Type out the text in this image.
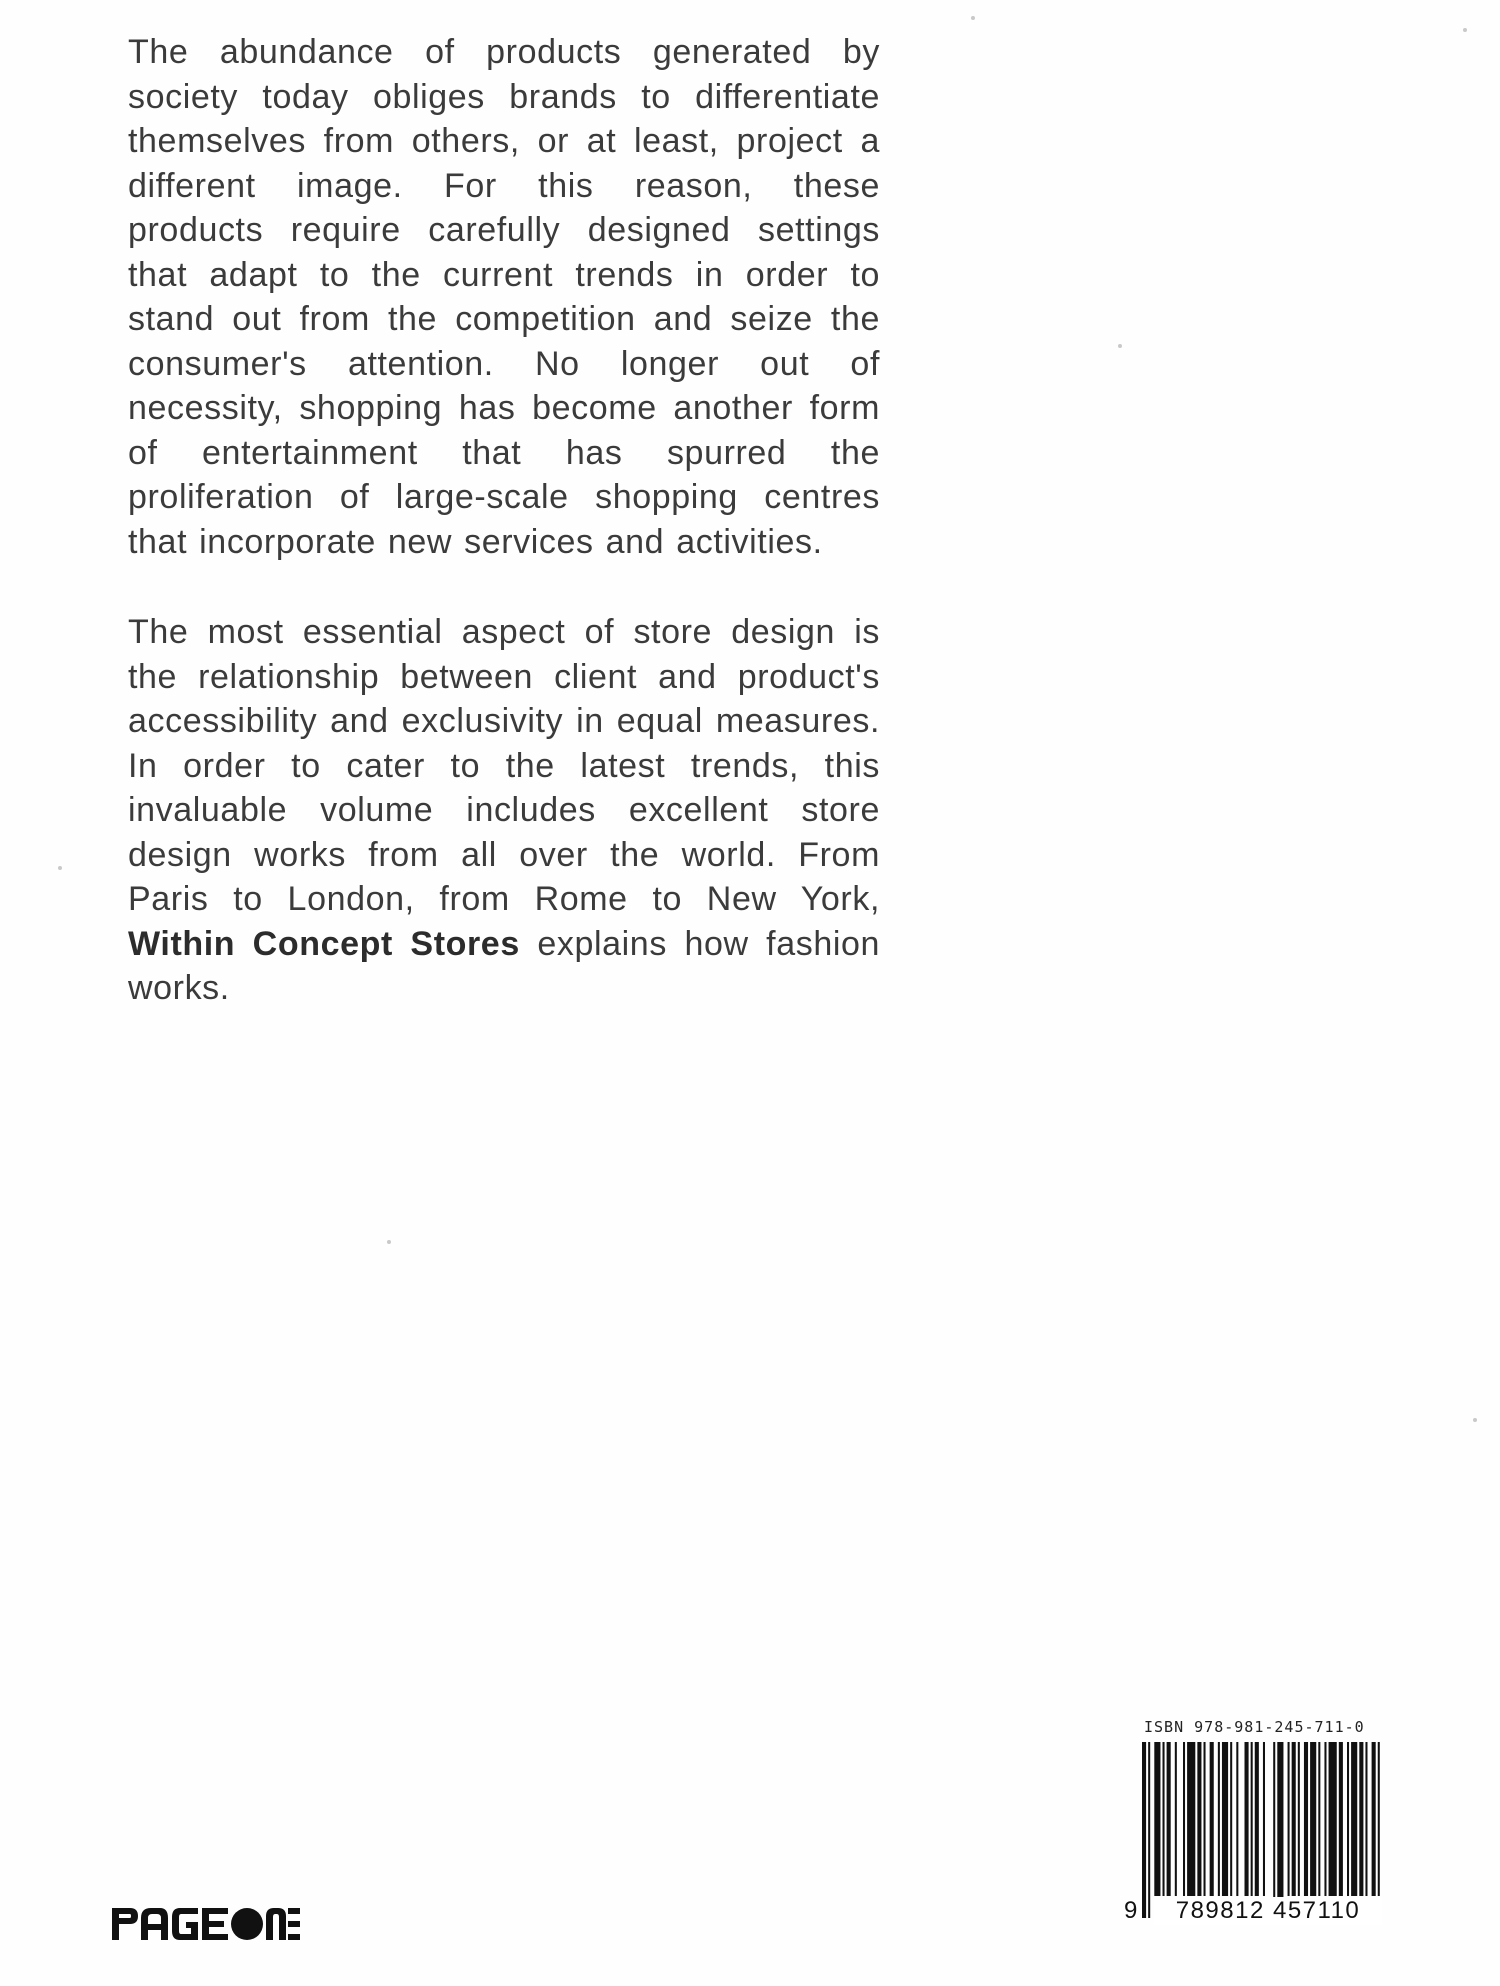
The abundance of products generated by society today obliges brands to differentiate themselves from others, or at least, project a different image. For this reason, these products require carefully designed settings that adapt to the current trends in order to stand out from the competition and seize the consumer's attention. No longer out of necessity, shopping has become another form of entertainment that has spurred the proliferation of large-scale shopping centres that incorporate new services and activities.

The most essential aspect of store design is the relationship between client and product's accessibility and exclusivity in equal measures. In order to cater to the latest trends, this invaluable volume includes excellent store design works from all over the world. From Paris to London, from Rome to New York, Within Concept Stores explains how fashion works.

ISBN 978-981-245-711-0
9	789812 457110
